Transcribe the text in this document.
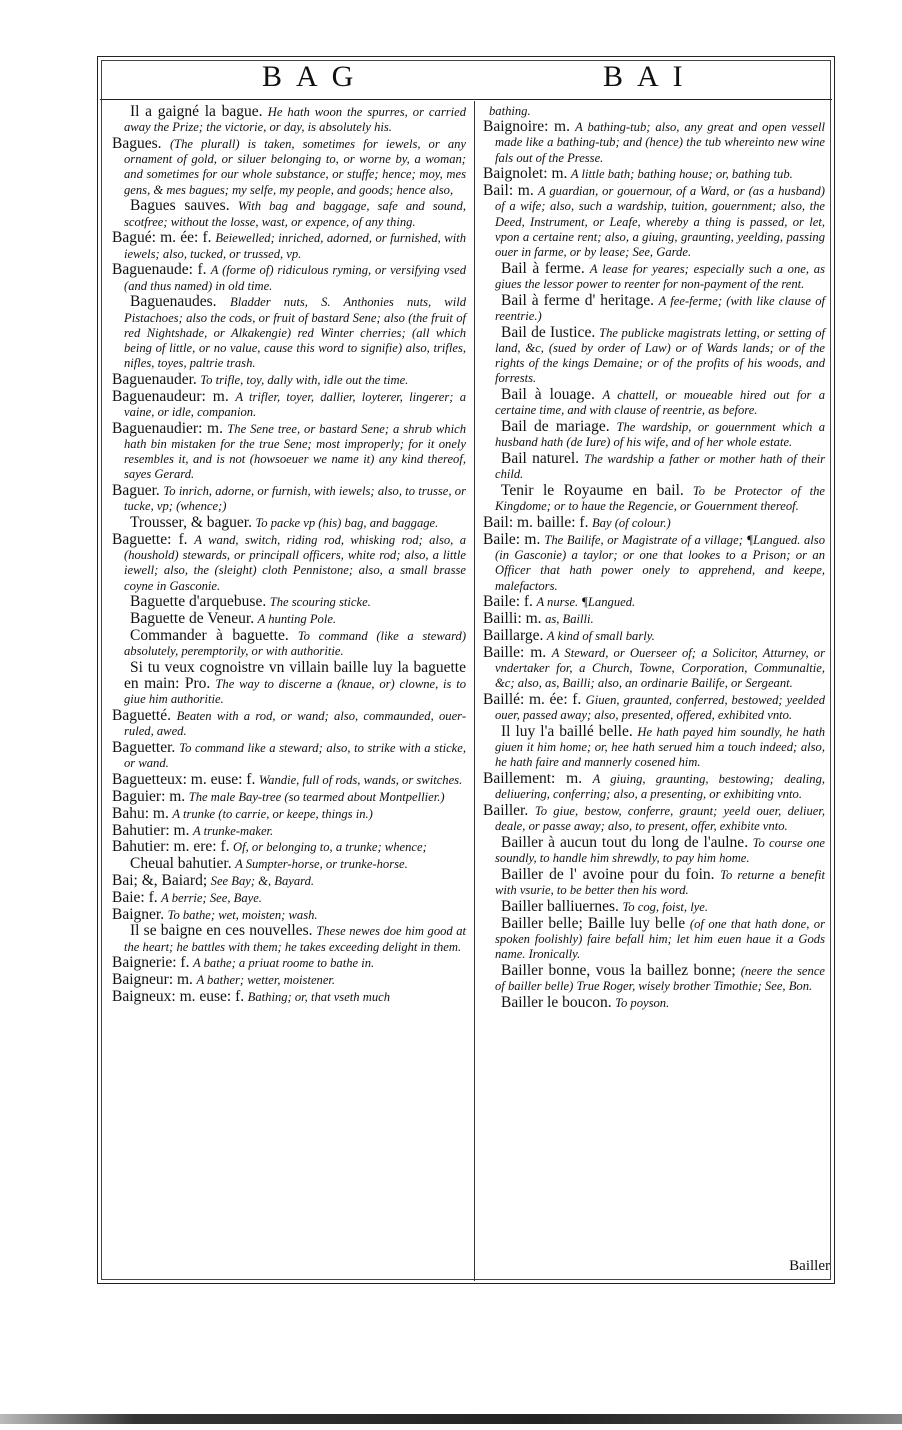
BAG	BAI
Il a gaigné la bague. He hath woon the spurres, or carried away the Prize; the victorie, or day, is absolutely his.
Bagues. (The plurall) is taken, sometimes for iewels, or any ornament of gold, or siluer belonging to, or worne by, a woman; and sometimes for our whole substance, or stuffe; hence; moy, mes gens, & mes bagues; my selfe, my people, and goods; hence also,
Bagues sauves. With bag and baggage, safe and sound, scotfree; without the losse, wast, or expence, of any thing.
Bagué: m. ée: f. Beiewelled; inriched, adorned, or furnished, with iewels; also, tucked, or trussed, vp.
Baguenaude: f. A (forme of) ridiculous ryming, or versifying vsed (and thus named) in old time.
Baguenaudes. Bladder nuts, S. Anthonies nuts, wild Pistachoes; also the cods, or fruit of bastard Sene; also (the fruit of red Nightshade, or Alkakengie) red Winter cherries; (all which being of little, or no value, cause this word to signifie) also, trifles, nifles, toyes, paltrie trash.
Baguenauder. To trifle, toy, dally with, idle out the time.
Baguenaudeur: m. A trifler, toyer, dallier, loyterer, lingerer; a vaine, or idle, companion.
Baguenaudier: m. The Sene tree, or bastard Sene; a shrub which hath bin mistaken for the true Sene; most improperly; for it onely resembles it, and is not (howsoeuer we name it) any kind thereof, sayes Gerard.
Baguer. To inrich, adorne, or furnish, with iewels; also, to trusse, or tucke, vp; (whence;)
Trousser, & baguer. To packe vp (his) bag, and baggage.
Baguette: f. A wand, switch, riding rod, whisking rod; also, a (houshold) stewards, or principall officers, white rod; also, a little iewell; also, the (sleight) cloth Pennistone; also, a small brasse coyne in Gasconie.
Baguette d'arquebuse. The scouring sticke.
Baguette de Veneur. A hunting Pole.
Commander à baguette. To command (like a steward) absolutely, peremptorily, or with authoritie.
Si tu veux cognoistre vn villain baille luy la baguette en main: Pro. The way to discerne a (knaue, or) clowne, is to giue him authoritie.
Baguetté. Beaten with a rod, or wand; also, commaunded, ouer-ruled, awed.
Baguetter. To command like a steward; also, to strike with a sticke, or wand.
Baguetteux: m. euse: f. Wandie, full of rods, wands, or switches.
Baguier: m. The male Bay-tree (so tearmed about Montpellier.)
Bahu: m. A trunke (to carrie, or keepe, things in.)
Bahutier: m. A trunke-maker.
Bahutier: m. ere: f. Of, or belonging to, a trunke; whence;
Cheual bahutier. A Sumpter-horse, or trunke-horse.
Bai; &, Baiard; See Bay; &, Bayard.
Baie: f. A berrie; See, Baye.
Baigner. To bathe; wet, moisten; wash.
Il se baigne en ces nouvelles. These newes doe him good at the heart; he battles with them; he takes exceeding delight in them.
Baignerie: f. A bathe; a priuat roome to bathe in.
Baigneur: m. A bather; wetter, moistener.
Baigneux: m. euse: f. Bathing; or, that vseth much
bathing.
Baignoire: m. A bathing-tub; also, any great and open vessell made like a bathing-tub; and (hence) the tub whereinto new wine fals out of the Presse.
Baignolet: m. A little bath; bathing house; or, bathing tub.
Bail: m. A guardian, or gouernour, of a Ward, or (as a husband) of a wife; also, such a wardship, tuition, gouernment; also, the Deed, Instrument, or Leafe, whereby a thing is passed, or let, vpon a certaine rent; also, a giuing, graunting, yeelding, passing ouer in farme, or by lease; See, Garde.
Bail à ferme. A lease for yeares; especially such a one, as giues the lessor power to reenter for non-payment of the rent.
Bail à ferme d' heritage. A fee-ferme; (with like clause of reentrie.)
Bail de Iustice. The publicke magistrats letting, or setting of land, &c, (sued by order of Law) or of Wards lands; or of the rights of the kings Demaine; or of the profits of his woods, and forrests.
Bail à louage. A chattell, or moueable hired out for a certaine time, and with clause of reentrie, as before.
Bail de mariage. The wardship, or gouernment which a husband hath (de Iure) of his wife, and of her whole estate.
Bail naturel. The wardship a father or mother hath of their child.
Tenir le Royaume en bail. To be Protector of the Kingdome; or to haue the Regencie, or Gouernment thereof.
Bail: m. baille: f. Bay (of colour.)
Baile: m. The Bailife, or Magistrate of a village; ¶Langued. also (in Gasconie) a taylor; or one that lookes to a Prison; or an Officer that hath power onely to apprehend, and keepe, malefactors.
Baile: f. A nurse. ¶Langued.
Bailli: m. as, Bailli.
Baillarge. A kind of small barly.
Baille: m. A Steward, or Ouerseer of; a Solicitor, Atturney, or vndertaker for, a Church, Towne, Corporation, Communaltie, &c; also, as, Bailli; also, an ordinarie Bailife, or Sergeant.
Baillé: m. ée: f. Giuen, graunted, conferred, bestowed; yeelded ouer, passed away; also, presented, offered, exhibited vnto.
Il luy l'a baillé belle. He hath payed him soundly, he hath giuen it him home; or, hee hath serued him a touch indeed; also, he hath faire and mannerly cosened him.
Baillement: m. A giuing, graunting, bestowing; dealing, deliuering, conferring; also, a presenting, or exhibiting vnto.
Bailler. To giue, bestow, conferre, graunt; yeeld ouer, deliuer, deale, or passe away; also, to present, offer, exhibite vnto.
Bailler à aucun tout du long de l'aulne. To course one soundly, to handle him shrewdly, to pay him home.
Bailler de l' avoine pour du foin. To returne a benefit with vsurie, to be better then his word.
Bailler balliuernes. To cog, foist, lye.
Bailler belle; Baille luy belle (of one that hath done, or spoken foolishly) faire befall him; let him euen haue it a Gods name. Ironically.
Bailler bonne, vous la baillez bonne; (neere the sence of bailler belle) True Roger, wisely brother Timothie; See, Bon.
Bailler le boucon. To poyson.
Bailler
